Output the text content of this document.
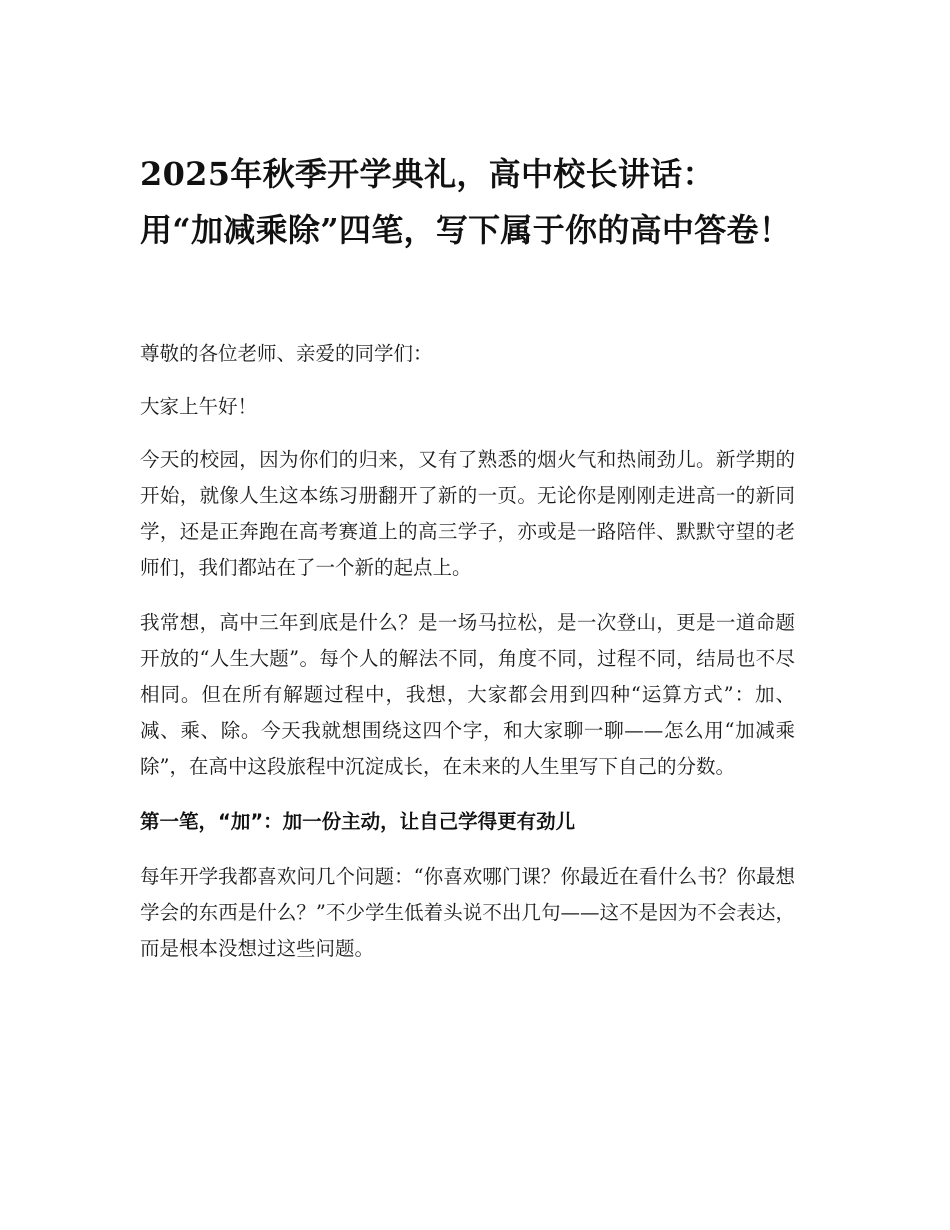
2025年秋季开学典礼，高中校长讲话：
用“加减乘除”四笔，写下属于你的高中答卷！

尊敬的各位老师、亲爱的同学们：

大家上午好！

今天的校园，因为你们的归来，又有了熟悉的烟火气和热闹劲儿。新学期的开始，就像人生这本练习册翻开了新的一页。无论你是刚刚走进高一的新同学，还是正奔跑在高考赛道上的高三学子，亦或是一路陪伴、默默守望的老师们，我们都站在了一个新的起点上。

我常想，高中三年到底是什么？是一场马拉松，是一次登山，更是一道命题开放的“人生大题”。每个人的解法不同，角度不同，过程不同，结局也不尽相同。但在所有解题过程中，我想，大家都会用到四种“运算方式”：加、减、乘、除。今天我就想围绕这四个字，和大家聊一聊——怎么用“加减乘除”，在高中这段旅程中沉淀成长，在未来的人生里写下自己的分数。

第一笔，“加”：加一份主动，让自己学得更有劲儿

每年开学我都喜欢问几个问题：“你喜欢哪门课？你最近在看什么书？你最想学会的东西是什么？”不少学生低着头说不出几句——这不是因为不会表达，而是根本没想过这些问题。
